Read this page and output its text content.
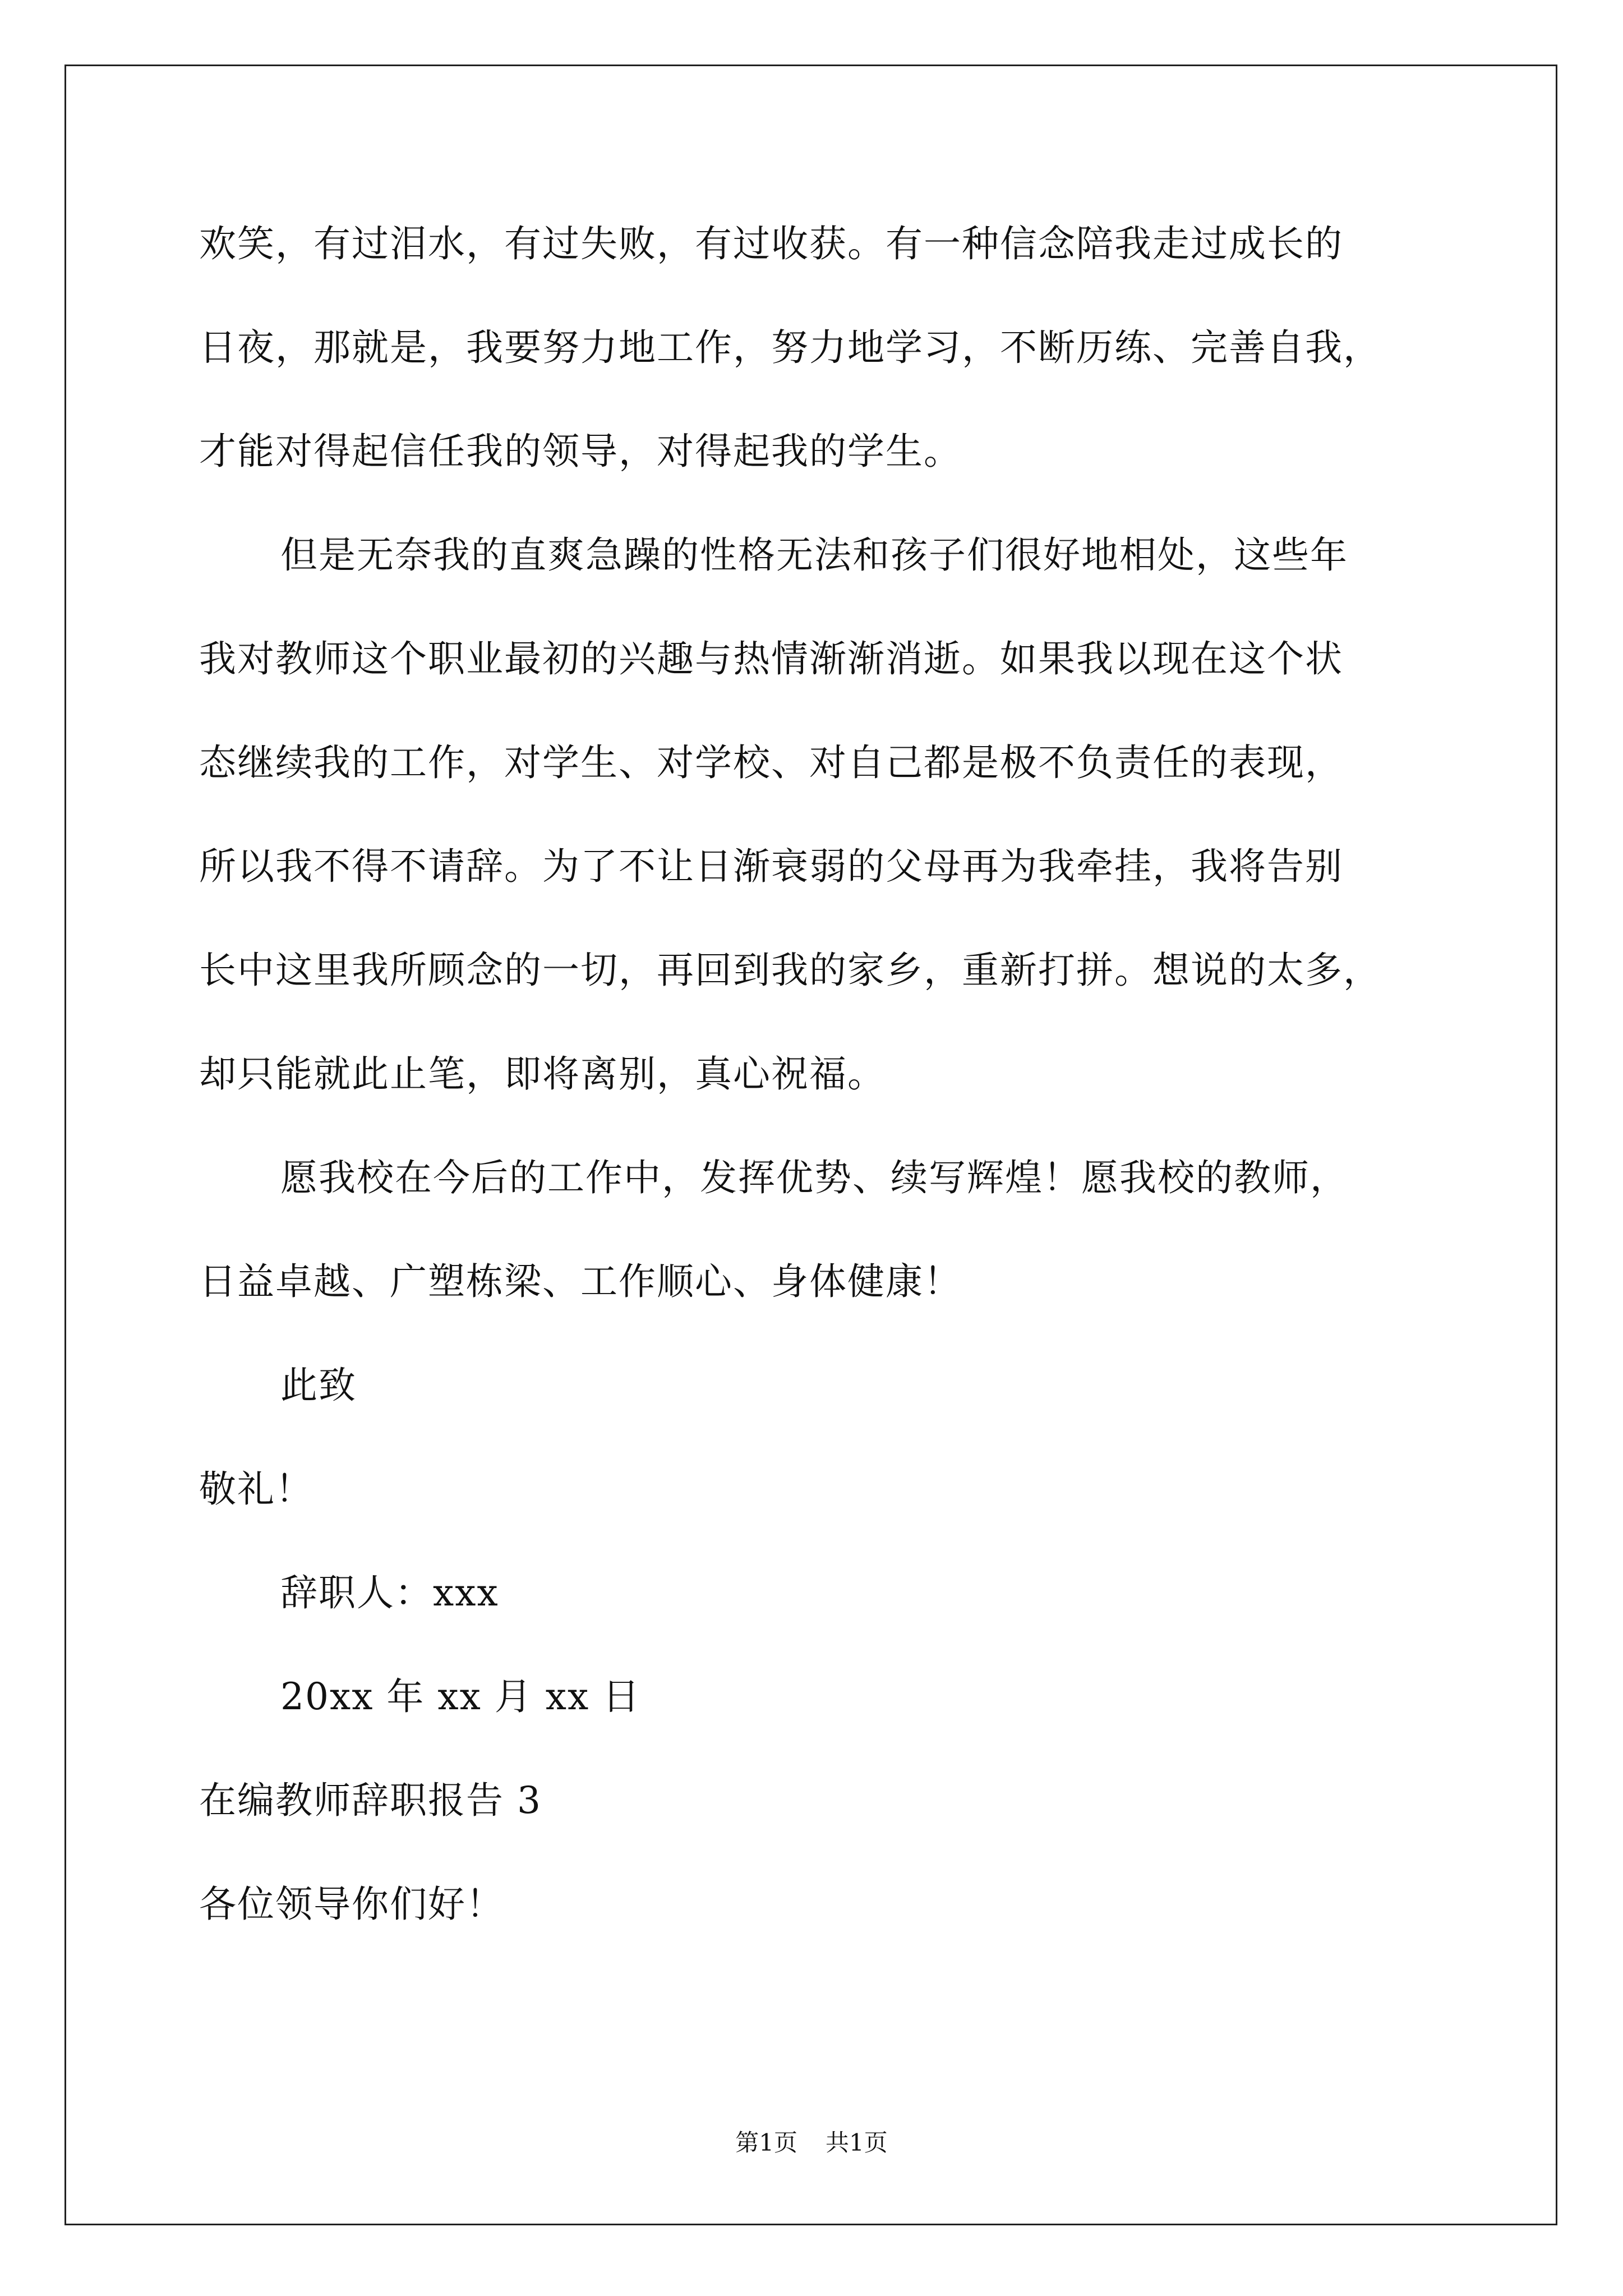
欢笑，有过泪水，有过失败，有过收获。有一种信念陪我走过成长的
日夜，那就是，我要努力地工作，努力地学习，不断历练、完善自我，
才能对得起信任我的领导，对得起我的学生。
但是无奈我的直爽急躁的性格无法和孩子们很好地相处，这些年
我对教师这个职业最初的兴趣与热情渐渐消逝。如果我以现在这个状
态继续我的工作，对学生、对学校、对自己都是极不负责任的表现，
所以我不得不请辞。为了不让日渐衰弱的父母再为我牵挂，我将告别
长中这里我所顾念的一切，再回到我的家乡，重新打拼。想说的太多，
却只能就此止笔，即将离别，真心祝福。
愿我校在今后的工作中，发挥优势、续写辉煌！愿我校的教师，
日益卓越、广塑栋梁、工作顺心、身体健康！
此致
敬礼！
辞职人：xxx
20xx 年 xx 月 xx 日
在编教师辞职报告 3
各位领导你们好！
第1页 共1页
